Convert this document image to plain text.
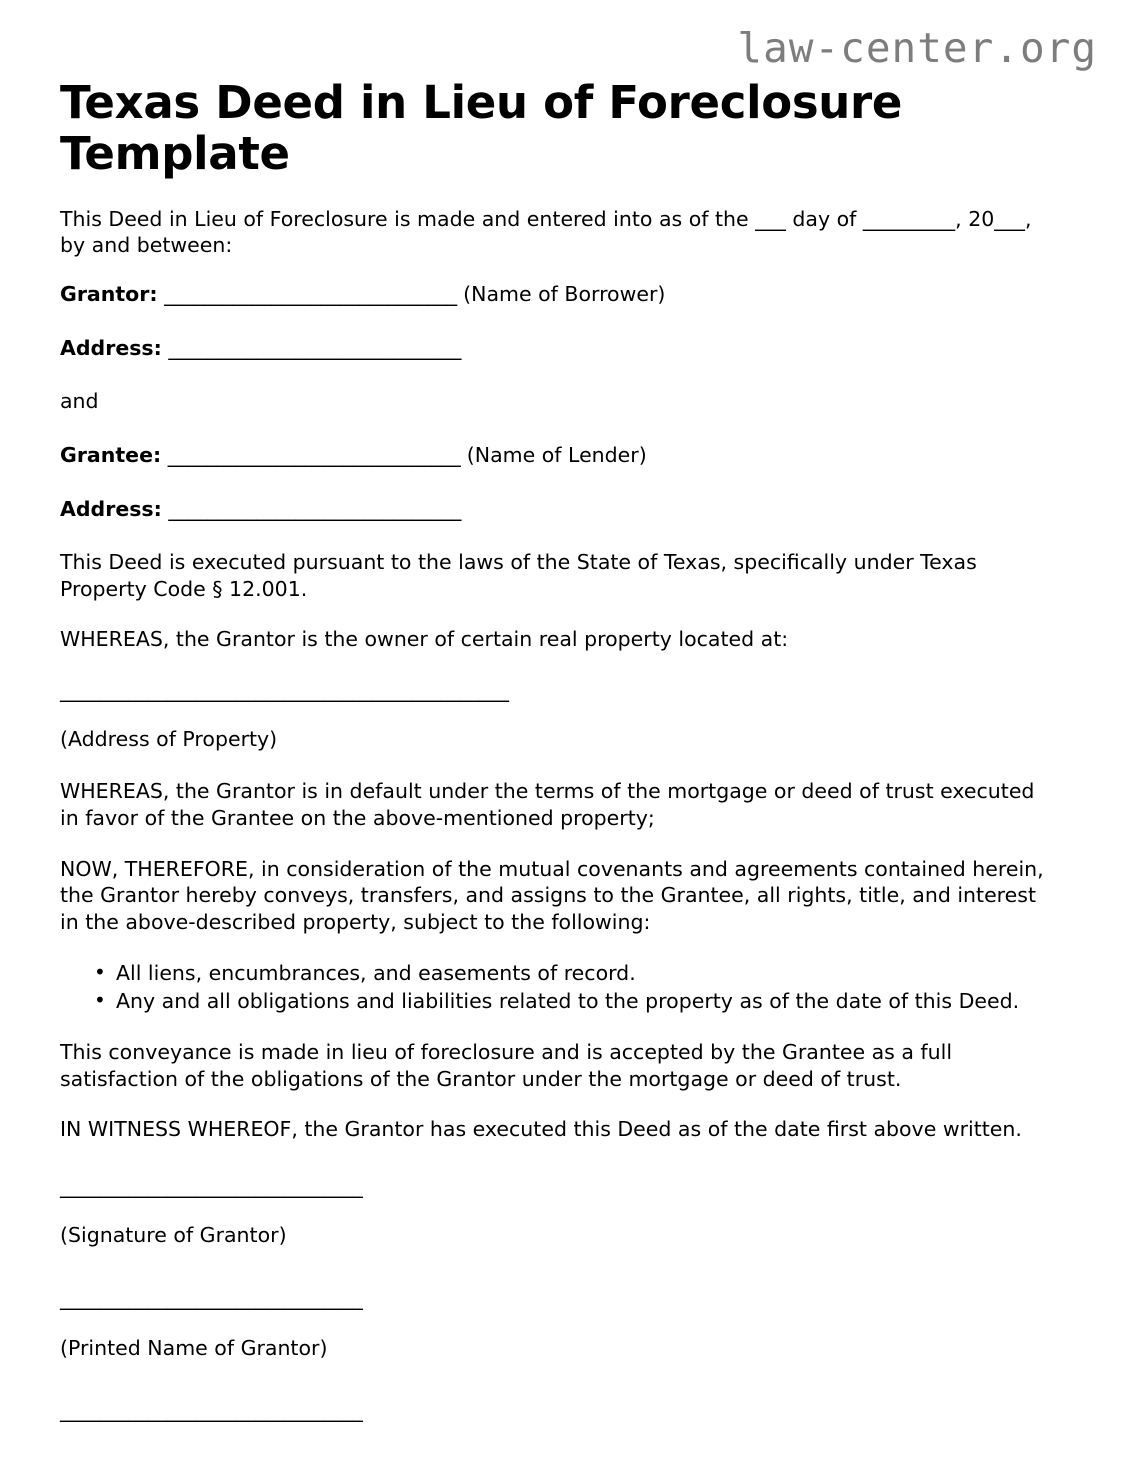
law-center.org
Texas Deed in Lieu of Foreclosure Template

This Deed in Lieu of Foreclosure is made and entered into as of the ___ day of _________, 20___, by and between:

Grantor: ______________________________ (Name of Borrower)

Address: ______________________________

and

Grantee: ______________________________ (Name of Lender)

Address: ______________________________

This Deed is executed pursuant to the laws of the State of Texas, specifically under Texas Property Code § 12.001.

WHEREAS, the Grantor is the owner of certain real property located at:

______________________________________________

(Address of Property)

WHEREAS, the Grantor is in default under the terms of the mortgage or deed of trust executed in favor of the Grantee on the above-mentioned property;

NOW, THEREFORE, in consideration of the mutual covenants and agreements contained herein, the Grantor hereby conveys, transfers, and assigns to the Grantee, all rights, title, and interest in the above-described property, subject to the following:

• All liens, encumbrances, and easements of record.
• Any and all obligations and liabilities related to the property as of the date of this Deed.

This conveyance is made in lieu of foreclosure and is accepted by the Grantee as a full satisfaction of the obligations of the Grantor under the mortgage or deed of trust.

IN WITNESS WHEREOF, the Grantor has executed this Deed as of the date first above written.

_______________________________

(Signature of Grantor)

_______________________________

(Printed Name of Grantor)

_______________________________
